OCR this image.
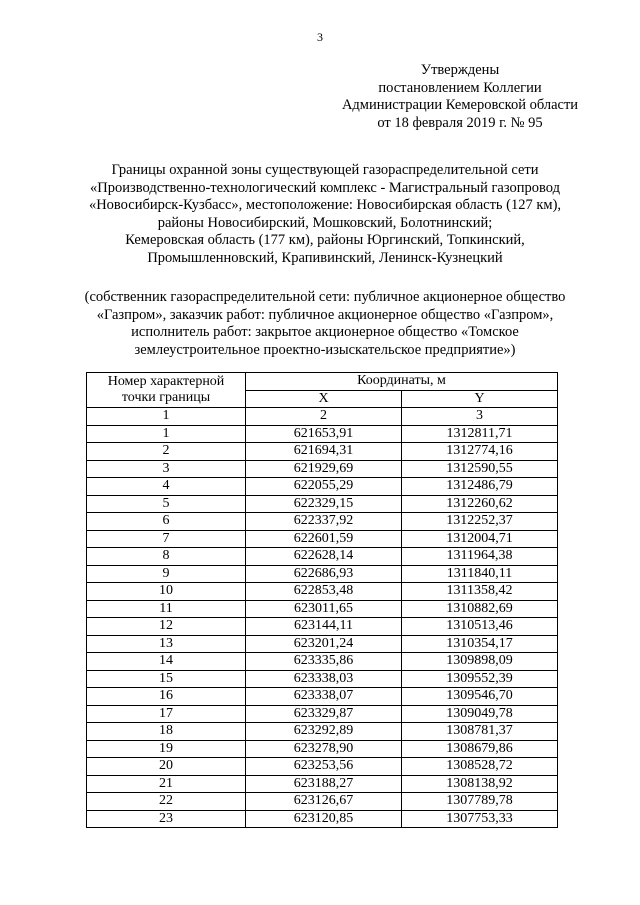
3
Утверждены
постановлением Коллегии
Администрации Кемеровской области
от 18 февраля 2019 г. № 95
Границы охранной зоны существующей газораспределительной сети
«Производственно-технологический комплекс - Магистральный газопровод
«Новосибирск-Кузбасс», местоположение: Новосибирская область (127 км),
районы Новосибирский, Мошковский, Болотнинский;
Кемеровская область (177 км), районы Юргинский, Топкинский,
Промышленновский, Крапивинский, Ленинск-Кузнецкий
(собственник газораспределительной сети: публичное акционерное общество
«Газпром», заказчик работ: публичное акционерное общество «Газпром»,
исполнитель работ: закрытое акционерное общество «Томское
землеустроительное проектно-изыскательское предприятие»)
Номер характерной
точки границы	Координаты, м	
	X	Y
1	2	3
1	621653,91	1312811,71
2	621694,31	1312774,16
3	621929,69	1312590,55
4	622055,29	1312486,79
5	622329,15	1312260,62
6	622337,92	1312252,37
7	622601,59	1312004,71
8	622628,14	1311964,38
9	622686,93	1311840,11
10	622853,48	1311358,42
11	623011,65	1310882,69
12	623144,11	1310513,46
13	623201,24	1310354,17
14	623335,86	1309898,09
15	623338,03	1309552,39
16	623338,07	1309546,70
17	623329,87	1309049,78
18	623292,89	1308781,37
19	623278,90	1308679,86
20	623253,56	1308528,72
21	623188,27	1308138,92
22	623126,67	1307789,78
23	623120,85	1307753,33
